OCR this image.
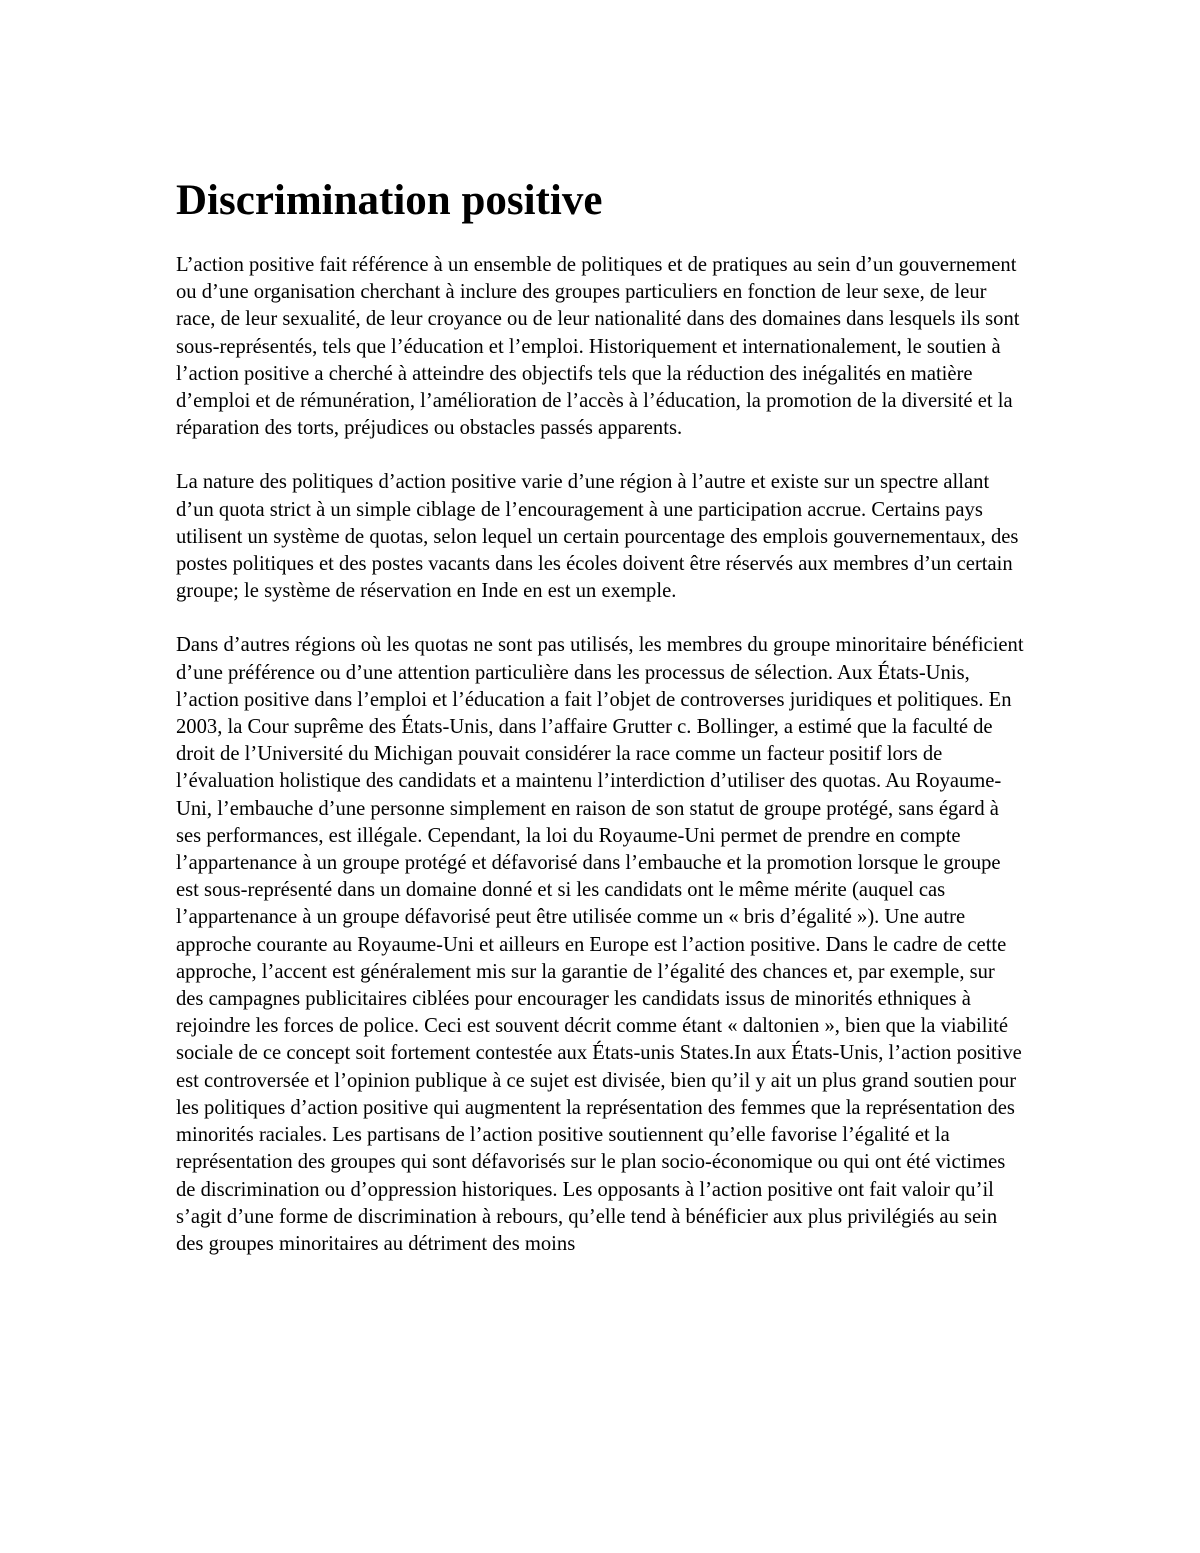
Discrimination positive

L’action positive fait référence à un ensemble de politiques et de pratiques au sein d’un gouvernement ou d’une organisation cherchant à inclure des groupes particuliers en fonction de leur sexe, de leur race, de leur sexualité, de leur croyance ou de leur nationalité dans des domaines dans lesquels ils sont sous-représentés, tels que l’éducation et l’emploi. Historiquement et internationalement, le soutien à l’action positive a cherché à atteindre des objectifs tels que la réduction des inégalités en matière d’emploi et de rémunération, l’amélioration de l’accès à l’éducation, la promotion de la diversité et la réparation des torts, préjudices ou obstacles passés apparents.

La nature des politiques d’action positive varie d’une région à l’autre et existe sur un spectre allant d’un quota strict à un simple ciblage de l’encouragement à une participation accrue. Certains pays utilisent un système de quotas, selon lequel un certain pourcentage des emplois gouvernementaux, des postes politiques et des postes vacants dans les écoles doivent être réservés aux membres d’un certain groupe; le système de réservation en Inde en est un exemple.

Dans d’autres régions où les quotas ne sont pas utilisés, les membres du groupe minoritaire bénéficient d’une préférence ou d’une attention particulière dans les processus de sélection. Aux États-Unis, l’action positive dans l’emploi et l’éducation a fait l’objet de controverses juridiques et politiques. En 2003, la Cour suprême des États-Unis, dans l’affaire Grutter c. Bollinger, a estimé que la faculté de droit de l’Université du Michigan pouvait considérer la race comme un facteur positif lors de l’évaluation holistique des candidats et a maintenu l’interdiction d’utiliser des quotas. Au Royaume-Uni, l’embauche d’une personne simplement en raison de son statut de groupe protégé, sans égard à ses performances, est illégale. Cependant, la loi du Royaume-Uni permet de prendre en compte l’appartenance à un groupe protégé et défavorisé dans l’embauche et la promotion lorsque le groupe est sous-représenté dans un domaine donné et si les candidats ont le même mérite (auquel cas l’appartenance à un groupe défavorisé peut être utilisée comme un « bris d’égalité »). Une autre approche courante au Royaume-Uni et ailleurs en Europe est l’action positive. Dans le cadre de cette approche, l’accent est généralement mis sur la garantie de l’égalité des chances et, par exemple, sur des campagnes publicitaires ciblées pour encourager les candidats issus de minorités ethniques à rejoindre les forces de police. Ceci est souvent décrit comme étant « daltonien », bien que la viabilité sociale de ce concept soit fortement contestée aux États-unis States.In aux États-Unis, l’action positive est controversée et l’opinion publique à ce sujet est divisée, bien qu’il y ait un plus grand soutien pour les politiques d’action positive qui augmentent la représentation des femmes que la représentation des minorités raciales. Les partisans de l’action positive soutiennent qu’elle favorise l’égalité et la représentation des groupes qui sont défavorisés sur le plan socio-économique ou qui ont été victimes de discrimination ou d’oppression historiques. Les opposants à l’action positive ont fait valoir qu’il s’agit d’une forme de discrimination à rebours, qu’elle tend à bénéficier aux plus privilégiés au sein des groupes minoritaires au détriment des moins
